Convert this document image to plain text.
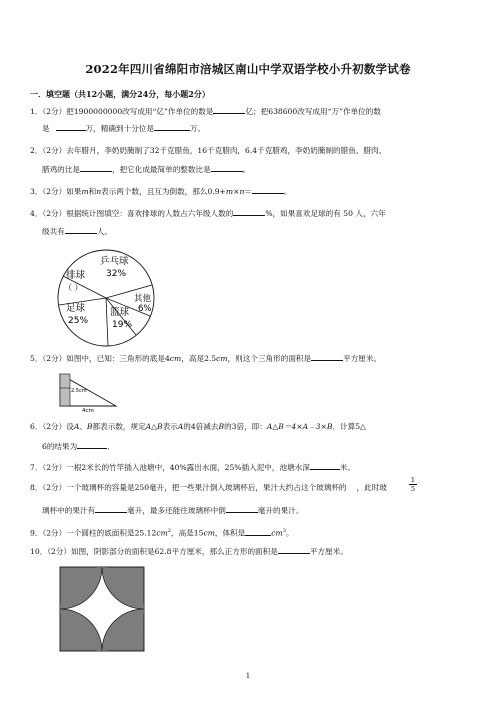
2022年四川省绵阳市涪城区南山中学双语学校小升初数学试卷
一．填空题（共12小题，满分24分，每小题2分）
1．（2分）把1900000000改写成用“亿”作单位的数是	亿；把638600改写成用“万”作单位的数
是	万，精确到十分位是	万。
2．（2分）去年腊月，李奶奶腌制了32千克腊鱼，16千克腊肉，6.4千克腊鸡，李奶奶腌制的腊鱼、腊肉、
腊鸡的比是	，把它化成最简单的整数比是	。
3．（2分）如果m和n表示两个数，且互为倒数，那么0.9+m×n＝	。
4．（2分）根据统计图填空：喜欢排球的人数占六年级人数的	%，如果喜欢足球的有 50 人，六年
级共有	人。
乒乓球
32%
排球
（ ）
足球
25%
篮球
19%
其他
6%
5．（2分）如图中，已知：三角形的底是4cm，高是2.5cm，则这个三角形的面积是	平方厘米。
2.5cm
4cm
6．（2分）设A、B都表示数，规定A△B表示A的4倍减去B的3倍，即：A△B＝4×A﹣3×B．计算5△
6的结果为	．
7．（2分）一根2米长的竹竿插入池塘中，40%露出水面，25%插入泥中，池塘水深	米。
8．（2分）一个玻璃杯的容量是250毫升，把一些果汁倒入玻璃杯后，果汁大约占这个玻璃杯的 ，此时玻	$\frac{1}{5}$
璃杯中的果汁有	毫升，最多还能往玻璃杯中倒	毫升的果汁。
9．（2分）一个圆柱的底面积是$25.12cm^2$，高是15cm，体积是	$cm^3$。
10．（2分）如图，阴影部分的面积是62.8平方厘米，那么正方形的面积是	平方厘米。
1
